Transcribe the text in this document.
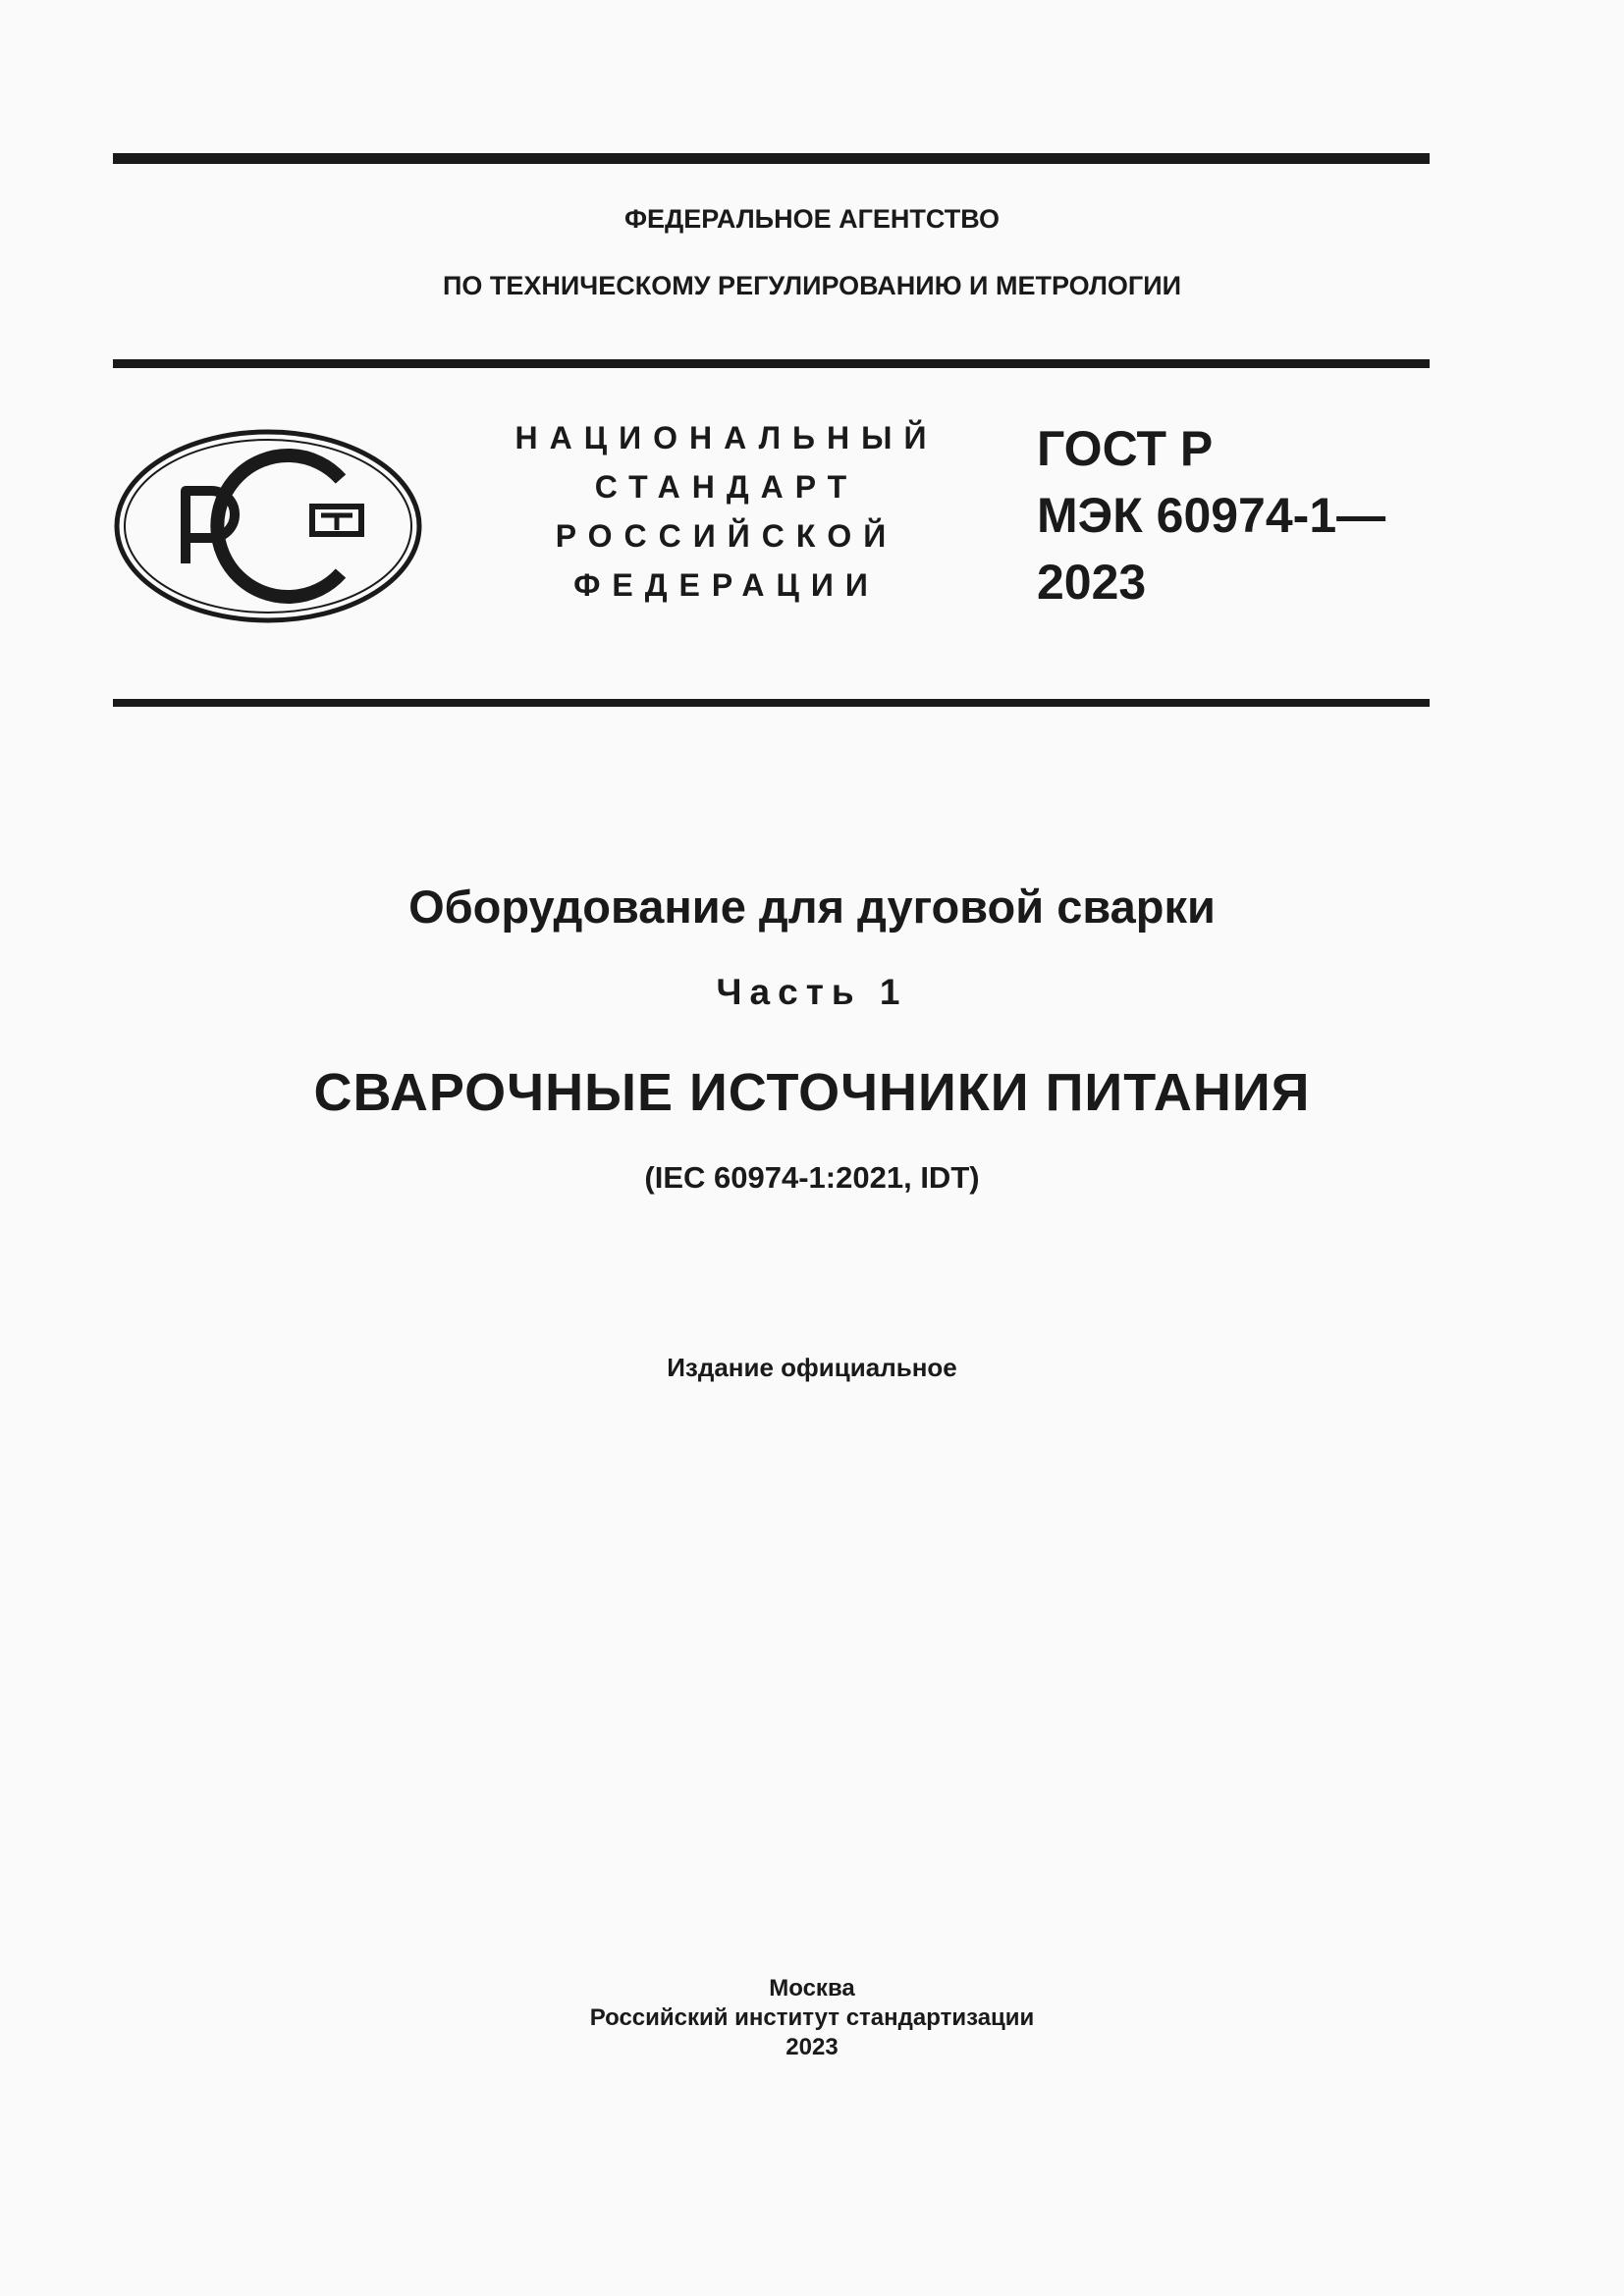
ФЕДЕРАЛЬНОЕ АГЕНТСТВО
ПО ТЕХНИЧЕСКОМУ РЕГУЛИРОВАНИЮ И МЕТРОЛОГИИ
НАЦИОНАЛЬНЫЙ
СТАНДАРТ
РОССИЙСКОЙ
ФЕДЕРАЦИИ
ГОСТ Р
МЭК 60974-1—
2023
Оборудование для дуговой сварки
Часть 1
СВАРОЧНЫЕ ИСТОЧНИКИ ПИТАНИЯ
(IEC 60974-1:2021, IDT)
Издание официальное
Москва
Российский институт стандартизации
2023
